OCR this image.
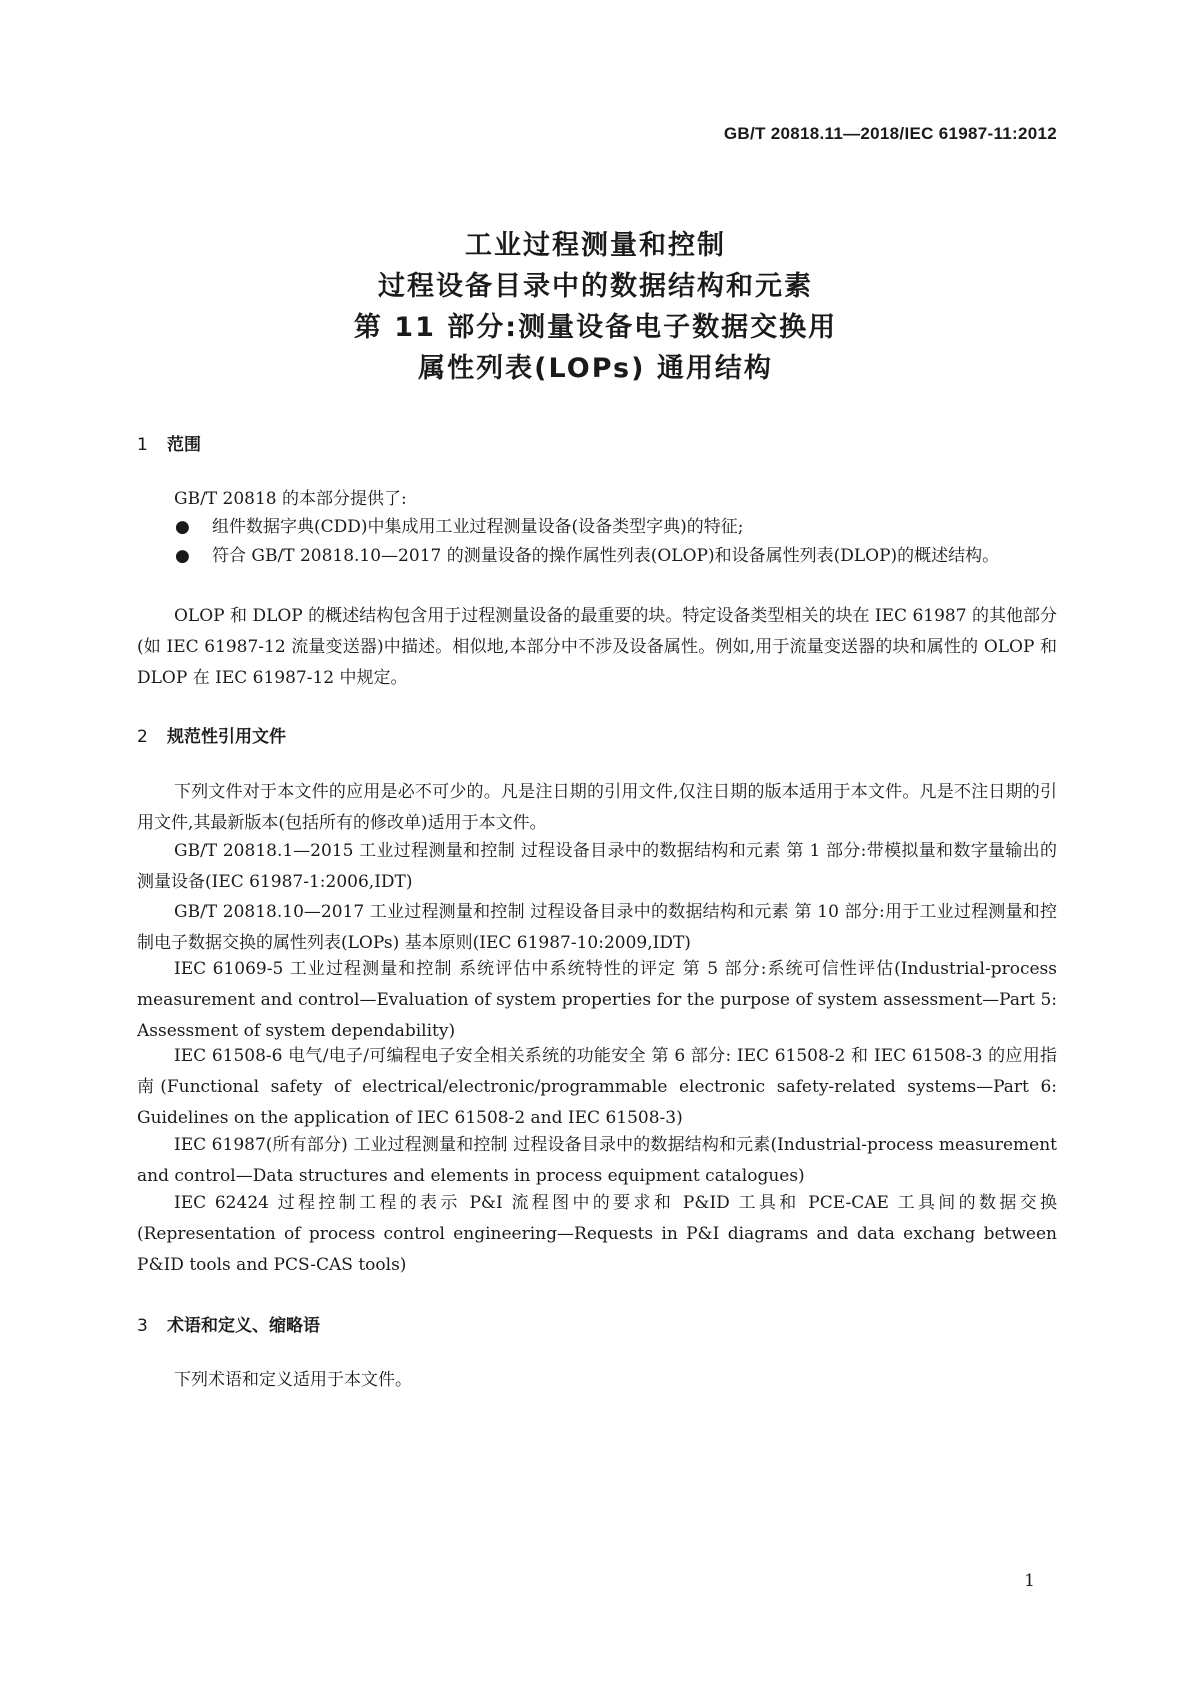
GB/T 20818.11—2018/IEC 61987-11:2012
工业过程测量和控制
过程设备目录中的数据结构和元素
第 11 部分:测量设备电子数据交换用
属性列表(LOPs) 通用结构
1 范围
GB/T 20818 的本部分提供了:
●	组件数据字典(CDD)中集成用工业过程测量设备(设备类型字典)的特征;
●	符合 GB/T 20818.10—2017 的测量设备的操作属性列表(OLOP)和设备属性列表(DLOP)的概述结构。
OLOP 和 DLOP 的概述结构包含用于过程测量设备的最重要的块。特定设备类型相关的块在 IEC 61987 的其他部分(如 IEC 61987-12 流量变送器)中描述。相似地,本部分中不涉及设备属性。例如,用于流量变送器的块和属性的 OLOP 和 DLOP 在 IEC 61987-12 中规定。
2 规范性引用文件
下列文件对于本文件的应用是必不可少的。凡是注日期的引用文件,仅注日期的版本适用于本文件。凡是不注日期的引用文件,其最新版本(包括所有的修改单)适用于本文件。
GB/T 20818.1—2015 工业过程测量和控制 过程设备目录中的数据结构和元素 第 1 部分:带模拟量和数字量输出的测量设备(IEC 61987-1:2006,IDT)
GB/T 20818.10—2017 工业过程测量和控制 过程设备目录中的数据结构和元素 第 10 部分:用于工业过程测量和控制电子数据交换的属性列表(LOPs) 基本原则(IEC 61987-10:2009,IDT)
IEC 61069-5 工业过程测量和控制 系统评估中系统特性的评定 第 5 部分:系统可信性评估(Industrial-process measurement and control—Evaluation of system properties for the purpose of system assessment—Part 5: Assessment of system dependability)
IEC 61508-6 电气/电子/可编程电子安全相关系统的功能安全 第 6 部分: IEC 61508-2 和 IEC 61508-3 的应用指南(Functional safety of electrical/electronic/programmable electronic safety-related systems—Part 6: Guidelines on the application of IEC 61508-2 and IEC 61508-3)
IEC 61987(所有部分) 工业过程测量和控制 过程设备目录中的数据结构和元素(Industrial-process measurement and control—Data structures and elements in process equipment catalogues)
IEC 62424 过程控制工程的表示 P&I 流程图中的要求和 P&ID 工具和 PCE-CAE 工具间的数据交换(Representation of process control engineering—Requests in P&I diagrams and data exchang between P&ID tools and PCS-CAS tools)
3 术语和定义、缩略语
下列术语和定义适用于本文件。
1
